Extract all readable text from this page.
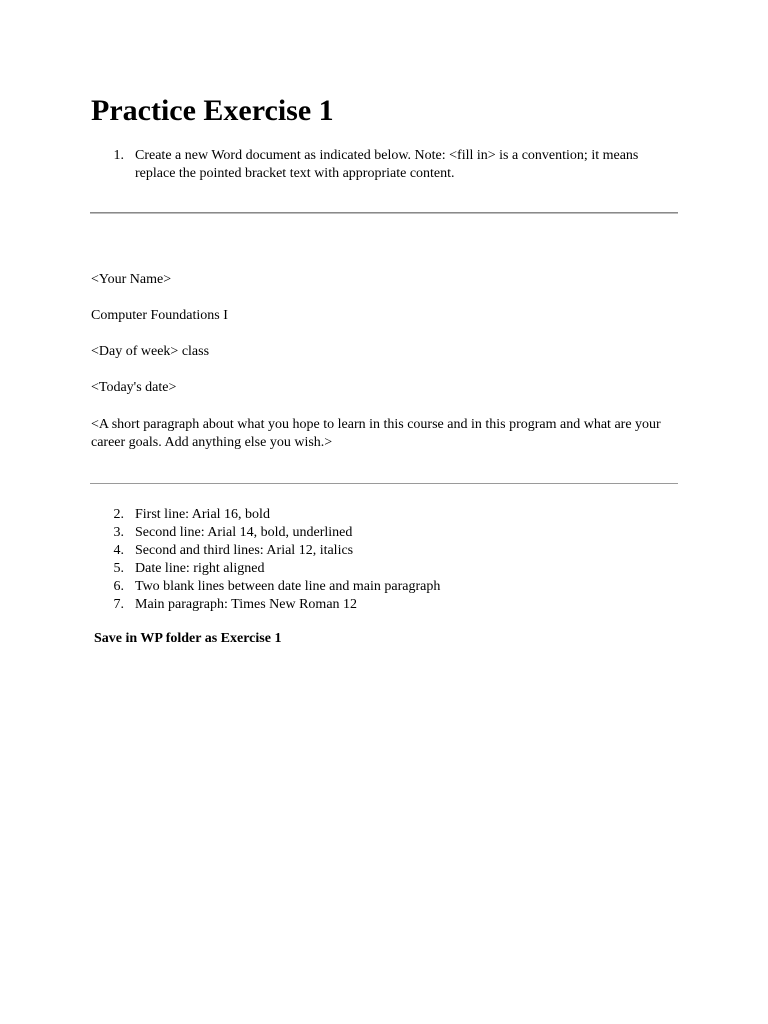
Practice Exercise 1
1. Create a new Word document as indicated below. Note: <fill in> is a convention; it means replace the pointed bracket text with appropriate content.

<Your Name>

Computer Foundations I

<Day of week> class

<Today's date>

<A short paragraph about what you hope to learn in this course and in this program and what are your career goals. Add anything else you wish.>

2. First line: Arial 16, bold
3. Second line: Arial 14, bold, underlined
4. Second and third lines: Arial 12, italics
5. Date line: right aligned
6. Two blank lines between date line and main paragraph
7. Main paragraph: Times New Roman 12

Save in WP folder as Exercise 1
